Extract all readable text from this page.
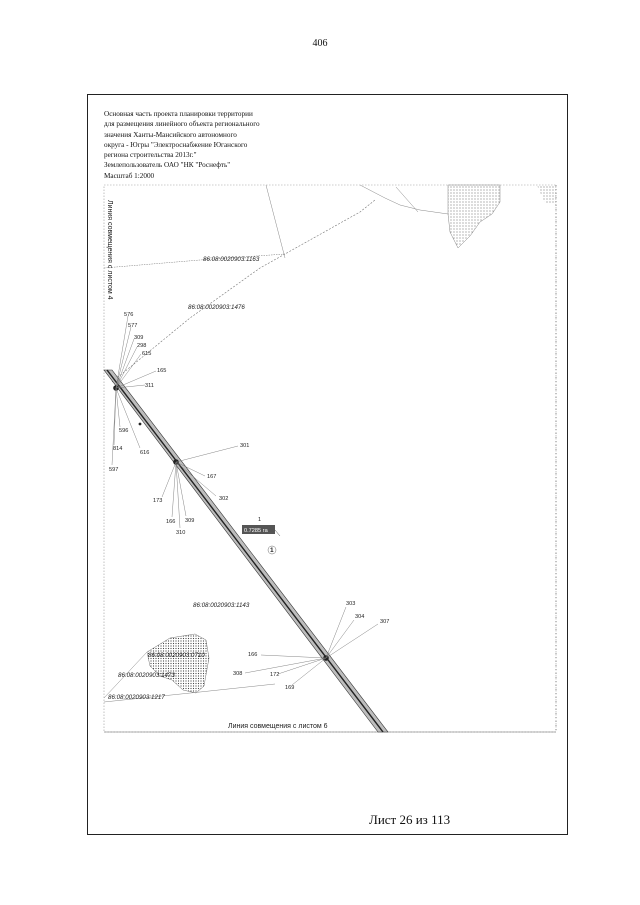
406
Основная часть проекта планировки территории
для размещения линейного объекта регионального
значения Ханты-Мансийского автономного
округа - Югры "Электроснабжение Юганского
региона строительства 2013г."
Землепользователь ОАО "НК "Роснефть"
Масштаб 1:2000
86:08:0020903:1163
86:08:0020903:1476
86:08:0020903:1143
86:08:0020903:0710
86:08:0020903:1473
86:08:0020903:1217
576
577
309
298
615
165
311
596
814
616
597
301
167
302
173
166 309
310
303
304
307
166
308	172
169
1
0.7285 га
1
Линия совмещения с листом 4
Линия совмещения с листом 6
Лист 26 из 113
